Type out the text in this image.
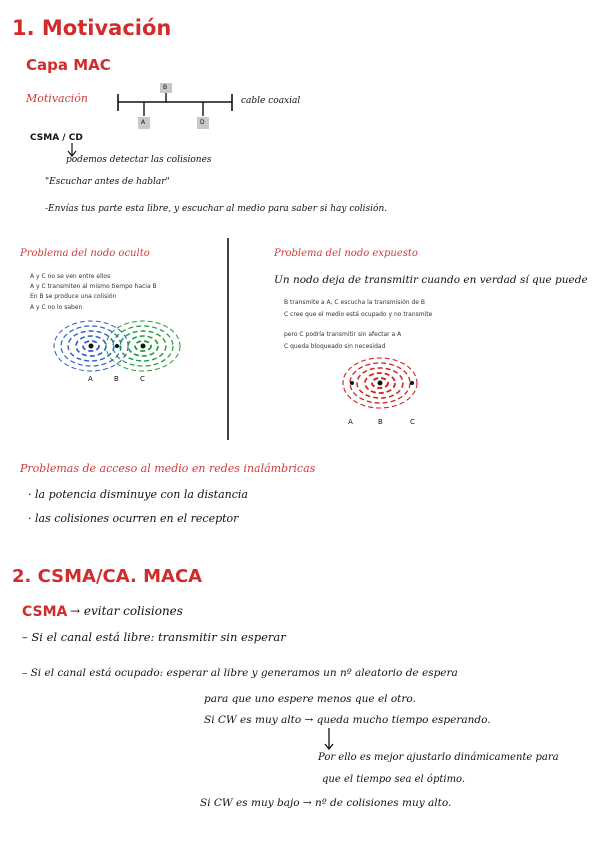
1. Motivación
Capa MAC
Motivación
B
A	D
cable coaxial
CSMA / CD
podemos detectar las colisiones
"Escuchar antes de hablar"
-Envías tus parte esta libre, y escuchar al medio para saber si hay colisión.
Problema del nodo oculto
A y C no se ven entre ellos
A y C transmiten al mismo tiempo hacia B
En B se produce una colisión
A y C no lo saben
A	B	C
Problema del nodo expuesto
Un nodo deja de transmitir cuando en verdad sí que puede
B transmite a A, C escucha la transmisión de B
C cree que el medio está ocupado y no transmite
pero C podría transmitir sin afectar a A
C queda bloqueado sin necesidad
A	B	C
Problemas de acceso al medio en redes inalámbricas
· la potencia disminuye con la distancia
· las colisiones ocurren en el receptor
2. CSMA/CA. MACA
CSMA → evitar colisiones
– Si el canal está libre: transmitir sin esperar
– Si el canal está ocupado: esperar al libre y generamos un nº aleatorio de espera
para que uno espere menos que el otro.
Si CW es muy alto → queda mucho tiempo esperando.
Por ello es mejor ajustarlo dinámicamente para
que el tiempo sea el óptimo.
Si CW es muy bajo → nº de colisiones muy alto.
